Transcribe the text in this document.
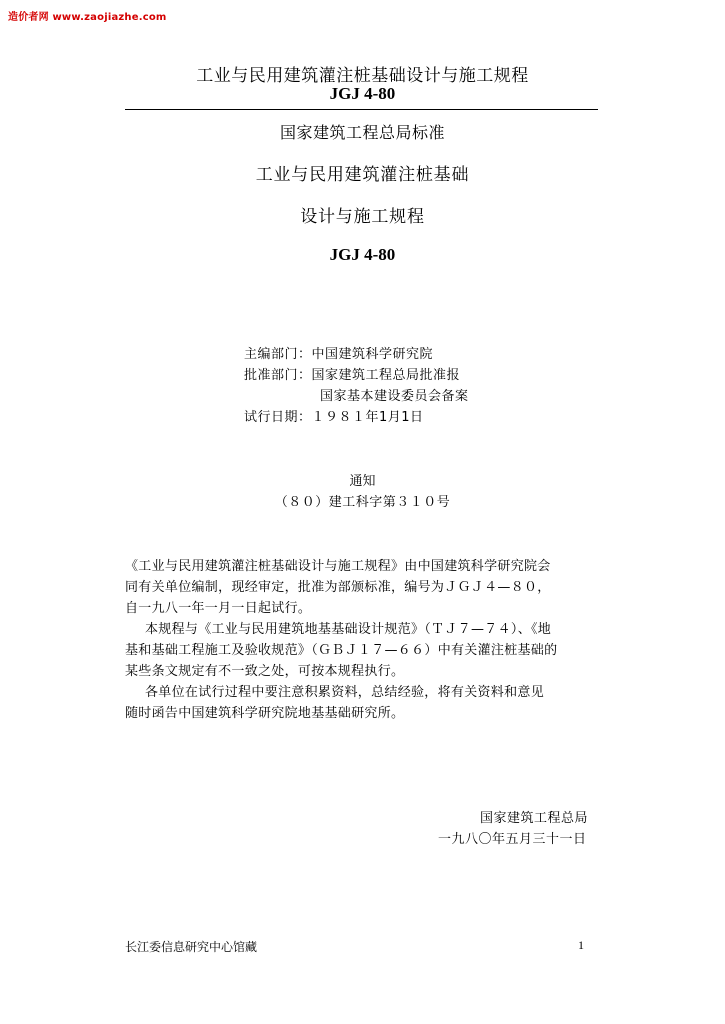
造价者网 www.zaojiazhe.com
工业与民用建筑灌注桩基础设计与施工规程
JGJ 4-80
国家建筑工程总局标准
工业与民用建筑灌注桩基础
设计与施工规程
JGJ 4-80
主编部门：中国建筑科学研究院
批准部门：国家建筑工程总局批准报
国家基本建设委员会备案
试行日期：１９８１年1月1日
通知
（８０）建工科字第３１０号
《工业与民用建筑灌注桩基础设计与施工规程》由中国建筑科学研究院会
同有关单位编制，现经审定，批准为部颁标准，编号为ＪＧＪ４—８０，
自一九八一年一月一日起试行。
本规程与《工业与民用建筑地基基础设计规范》（ＴＪ７—７４）、《地
基和基础工程施工及验收规范》（ＧＢＪ１７—６６）中有关灌注桩基础的
某些条文规定有不一致之处，可按本规程执行。
各单位在试行过程中要注意积累资料，总结经验，将有关资料和意见
随时函告中国建筑科学研究院地基基础研究所。
国家建筑工程总局
一九八〇年五月三十一日
长江委信息研究中心馆藏	1
